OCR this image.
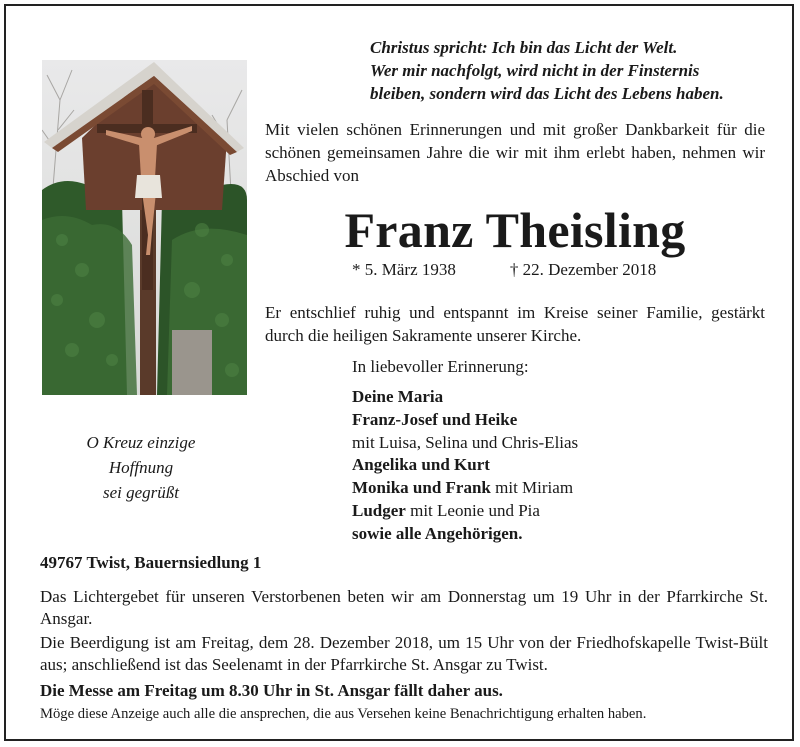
Christus spricht: Ich bin das Licht der Welt.
Wer mir nachfolgt, wird nicht in der Finsternis
bleiben, sondern wird das Licht des Lebens haben.

Mit vielen schönen Erinnerungen und mit großer Dankbarkeit für die schönen gemeinsamen Jahre die wir mit ihm erlebt haben, nehmen wir Abschied von

Franz Theisling
* 5. März 1938	† 22. Dezember 2018

Er entschlief ruhig und entspannt im Kreise seiner Familie, gestärkt durch die heiligen Sakramente unserer Kirche.

In liebevoller Erinnerung:
Deine Maria
Franz-Josef und Heike
mit Luisa, Selina und Chris-Elias
Angelika und Kurt
Monika und Frank mit Miriam
Ludger mit Leonie und Pia
sowie alle Angehörigen.
O Kreuz einzige
Hoffnung
sei gegrüßt
49767 Twist, Bauernsiedlung 1

Das Lichtergebet für unseren Verstorbenen beten wir am Donnerstag um 19 Uhr in der Pfarrkirche St. Ansgar.

Die Beerdigung ist am Freitag, dem 28. Dezember 2018, um 15 Uhr von der Friedhofskapelle Twist-Bült aus; anschließend ist das Seelenamt in der Pfarrkirche St. Ansgar zu Twist.

Die Messe am Freitag um 8.30 Uhr in St. Ansgar fällt daher aus.
Möge diese Anzeige auch alle die ansprechen, die aus Versehen keine Benachrichtigung erhalten haben.
